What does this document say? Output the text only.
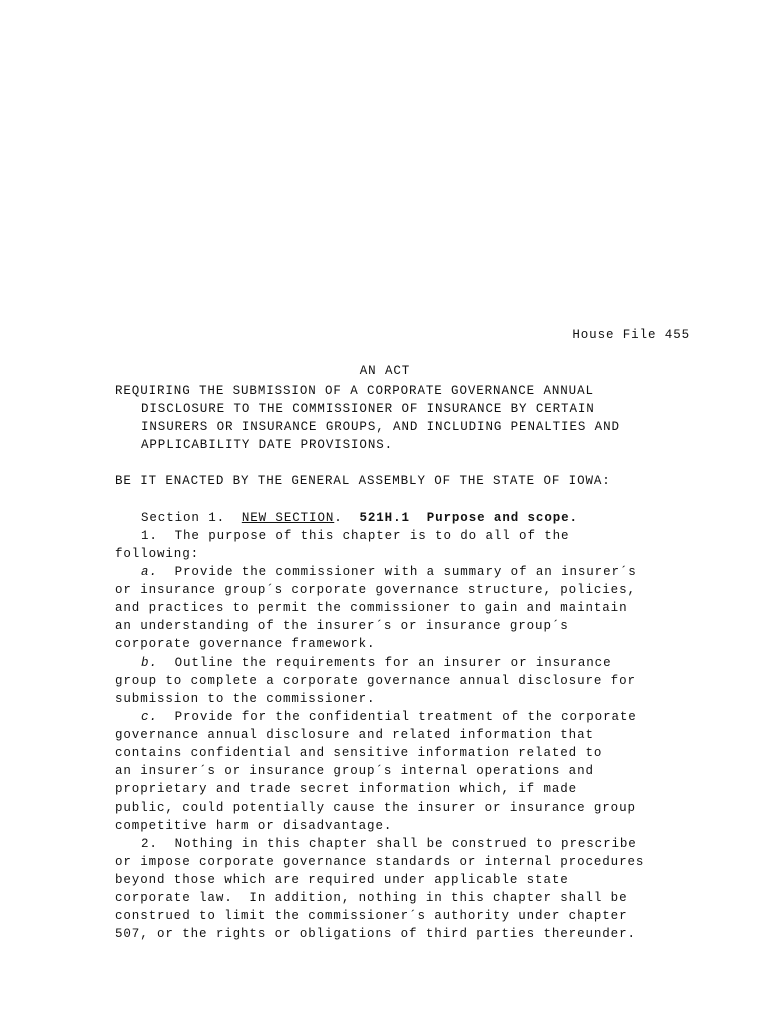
House File 455
AN ACT
REQUIRING THE SUBMISSION OF A CORPORATE GOVERNANCE ANNUAL
DISCLOSURE TO THE COMMISSIONER OF INSURANCE BY CERTAIN
INSURERS OR INSURANCE GROUPS, AND INCLUDING PENALTIES AND
APPLICABILITY DATE PROVISIONS.
BE IT ENACTED BY THE GENERAL ASSEMBLY OF THE STATE OF IOWA:
Section 1. NEW SECTION. 521H.1 Purpose and scope.
1.  The purpose of this chapter is to do all of the
following:
a.  Provide the commissioner with a summary of an insurer´s
or insurance group´s corporate governance structure, policies,
and practices to permit the commissioner to gain and maintain
an understanding of the insurer´s or insurance group´s
corporate governance framework.
b.  Outline the requirements for an insurer or insurance
group to complete a corporate governance annual disclosure for
submission to the commissioner.
c.  Provide for the confidential treatment of the corporate
governance annual disclosure and related information that
contains confidential and sensitive information related to
an insurer´s or insurance group´s internal operations and
proprietary and trade secret information which, if made
public, could potentially cause the insurer or insurance group
competitive harm or disadvantage.
2.  Nothing in this chapter shall be construed to prescribe
or impose corporate governance standards or internal procedures
beyond those which are required under applicable state
corporate law.  In addition, nothing in this chapter shall be
construed to limit the commissioner´s authority under chapter
507, or the rights or obligations of third parties thereunder.
